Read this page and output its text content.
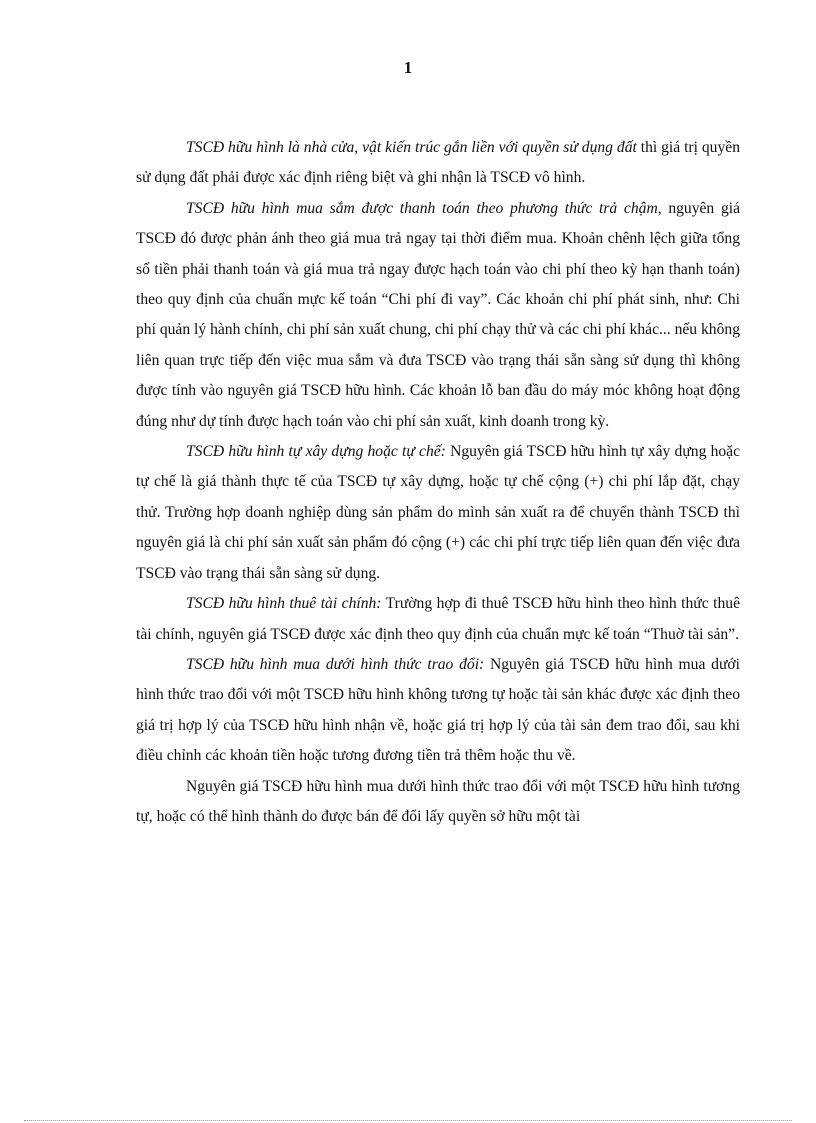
1

TSCĐ hữu hình là nhà cửa, vật kiến trúc gắn liền với quyền sử dụng đất thì giá trị quyền sử dụng đất phải được xác định riêng biệt và ghi nhận là TSCĐ vô hình.

TSCĐ hữu hình mua sắm được thanh toán theo phương thức trả chậm, nguyên giá TSCĐ đó được phản ánh theo giá mua trả ngay tại thời điểm mua. Khoản chênh lệch giữa tổng số tiền phải thanh toán và giá mua trả ngay được hạch toán vào chi phí theo kỳ hạn thanh toán) theo quy định của chuẩn mực kế toán “Chi phí đi vay”. Các khoản chi phí phát sinh, như: Chi phí quản lý hành chính, chi phí sản xuất chung, chi phí chạy thử và các chi phí khác... nếu không liên quan trực tiếp đến việc mua sắm và đưa TSCĐ vào trạng thái sẵn sàng sử dụng thì không được tính vào nguyên giá TSCĐ hữu hình. Các khoản lỗ ban đầu do máy móc không hoạt động đúng như dự tính được hạch toán vào chi phí sản xuất, kinh doanh trong kỳ.

TSCĐ hữu hình tự xây dựng hoặc tự chế: Nguyên giá TSCĐ hữu hình tự xây dựng hoặc tự chế là giá thành thực tế của TSCĐ tự xây dựng, hoặc tự chế cộng (+) chi phí lắp đặt, chạy thử. Trường hợp doanh nghiệp dùng sản phẩm do mình sản xuất ra để chuyển thành TSCĐ thì nguyên giá là chi phí sản xuất sản phẩm đó cộng (+) các chi phí trực tiếp liên quan đến việc đưa TSCĐ vào trạng thái sẵn sàng sử dụng.

TSCĐ hữu hình thuê tài chính: Trường hợp đi thuê TSCĐ hữu hình theo hình thức thuê tài chính, nguyên giá TSCĐ được xác định theo quy định của chuẩn mực kế toán “Thuờ tài sản”.

TSCĐ hữu hình mua dưới hình thức trao đổi: Nguyên giá TSCĐ hữu hình mua dưới hình thức trao đổi với một TSCĐ hữu hình không tương tự hoặc tài sản khác được xác định theo giá trị hợp lý của TSCĐ hữu hình nhận về, hoặc giá trị hợp lý của tài sản đem trao đổi, sau khi điều chỉnh các khoản tiền hoặc tương đương tiền trả thêm hoặc thu về.

Nguyên giá TSCĐ hữu hình mua dưới hình thức trao đổi với một TSCĐ hữu hình tương tự, hoặc có thể hình thành do được bán để đổi lấy quyền sở hữu một tài
